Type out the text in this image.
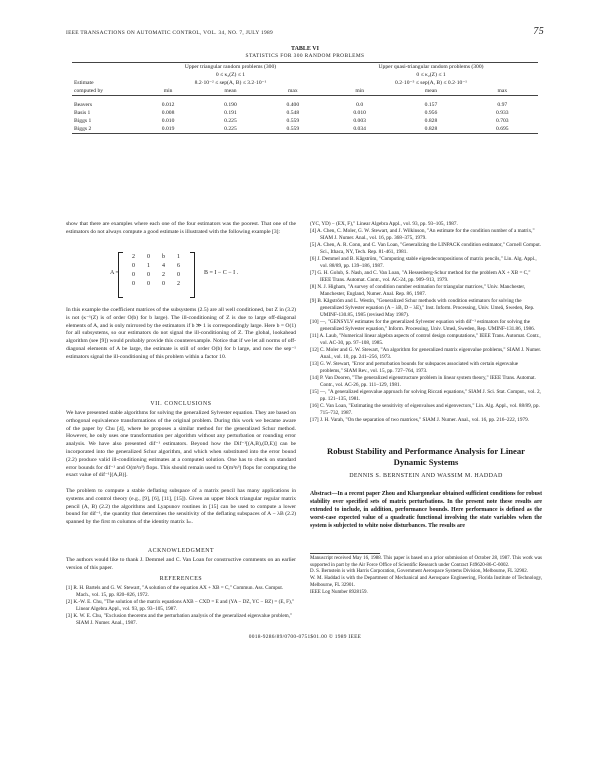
IEEE TRANSACTIONS ON AUTOMATIC CONTROL, VOL. 34, NO. 7, JULY 1989	75
TABLE VI
STATISTICS FOR 300 RANDOM PROBLEMS
	Upper triangular random problems (300)			Upper quasi-triangular random problems (300)		
	0 ≤ κ₂(Z) ≤ 1			0 ≤ κ₂(Z) ≤ 1		
Estimate	8.2·10⁻² ≤ sep(A, B) ≤ 3.2·10⁻¹			0.2·10⁻⁵ ≤ sep(A, B) ≤ 0.2·10⁻¹		
computed by	min	mean	max	min	mean	max

Beavers	0.012	0.190	0.400	0.0	0.157	0.97
Basis 1	0.008	0.191	0.548	0.010	0.956	0.933
Biggs 1	0.010	0.225	0.559	0.003	0.828	0.703
Biggs 2	0.019	0.225	0.559	0.034	0.828	0.695
show that there are examples where each one of the four estimators was the poorest. That one of the estimators do not always compute a good estimate is illustrated with the following example [3]:
A =
2	0	b	1
0	1	4	6
0	0	2	0
0	0	0	2
B = I − C − I .
In this example the coefficient matrices of the subsystems (2.5) are all well conditioned, but Z in (3.2) is not (κ⁻¹(Z) is of order O(b) for b large). The ill-conditioning of Z is due to large off-diagonal elements of A, and is only mirrored by the estimators if b ≫ 1 is correspondingly large. Here b = O(1) for all subsystems, so our estimators do not signal the ill-conditioning of Z. The global, lookahead algorithm (see [9]) would probably provide this counterexample. Notice that if we let all norms of off-diagonal elements of A be large, the estimate is still of order O(b) for b large, and now the sep⁻¹ estimators signal the ill-conditioning of this problem within a factor 10.
VII. CONCLUSIONS
We have presented stable algorithms for solving the generalized Sylvester equation. They are based on orthogonal equivalence transformations of the original problem. During this work we became aware of the paper by Chu [4], where he proposes a similar method for the generalized Schur method. However, he only uses one transformation per algorithm without any perturbation or rounding error analysis. We have also presented dif⁻¹ estimators. Beyond how the Dif⁻¹[(A,B),(D,E)] can be incorporated into the generalized Schur algorithm, and which when substituted into the error bound (2.2) produce valid ill-conditioning estimates at a computed solution. One has to check on standard error bounds for dif⁻¹ and O(m³n³) flops. This should remain used to O(m³n³) flops for computing the exact value of dif⁻¹[(A,B)].
The problem to compute a stable deflating subspace of a matrix pencil has many applications in systems and control theory (e.g., [9], [6], [11], [15]). Given an upper block triangular regular matrix pencil (A, B) (2.2) the algorithms and Lyapunov routines in [15] can be used to compute a lower bound for dif⁻¹, the quantity that determines the sensitivity of the deflating subspaces of A − λB (2.2) spanned by the first m columns of the identity matrix Iₘ.
ACKNOWLEDGMENT
The authors would like to thank J. Demmel and C. Van Loan for constructive comments on an earlier version of this paper.
REFERENCES

[1] R. H. Bartels and G. W. Stewart, "A solution of the equation AX + XB = C," Commun. Ass. Comput. Mach., vol. 15, pp. 820–826, 1972.

[2] K.-W. E. Chu, "The solution of the matrix equations AXB − CXD = E and (YA − DZ, YC − BZ) = (E, F)," Linear Algebra Appl., vol. 93, pp. 93–105, 1987.

[3] K. W. E. Chu, "Exclusion theorems and the perturbation analysis of the generalized eigenvalue problem," SIAM J. Numer. Anal., 1987.

(YC, YD) − (EX, F)," Linear Algebra Appl., vol. 93, pp. 93–105, 1987.

[4] A. Chen, C. Moler, G. W. Stewart, and J. Wilkinson, "An estimate for the condition number of a matrix," SIAM J. Numer. Anal., vol. 16, pp. 368–375, 1979.

[5] A. Chen, A. R. Conn, and C. Van Loan, "Generalizing the LINPACK condition estimator," Cornell Comput. Sci., Ithaca, NY, Tech. Rep. 81-461, 1981.

[6] J. Demmel and B. Kågström, "Computing stable eigendecompositions of matrix pencils," Lin. Alg. Appl., vol. 88/89, pp. 139–186, 1987.

[7] G. H. Golub, S. Nash, and C. Van Loan, "A Hessenberg-Schur method for the problem AX + XB = C," IEEE Trans. Automat. Contr., vol. AC-24, pp. 909–913, 1979.

[8] N. J. Higham, "A survey of condition number estimation for triangular matrices," Univ. Manchester, Manchester, England, Numer. Anal. Rep. 86, 1987.

[9] B. Kågström and L. Westin, "Generalized Schur methods with condition estimators for solving the generalized Sylvester equation (A − λB, D − λE)," Inst. Inform. Processing, Univ. Umeå, Sweden, Rep. UMINF-130.85, 1985 (revised May 1987).

[10] —, "GENSYLV estimates for the generalized Sylvester equation with dif⁻¹ estimators for solving the generalized Sylvester equation," Inform. Processing, Univ. Umeå, Sweden, Rep. UMINF-131.86, 1986.

[11] A. Laub, "Numerical linear algebra aspects of control design computations," IEEE Trans. Automat. Contr., vol. AC-30, pp. 97–108, 1985.

[12] C. Moler and G. W. Stewart, "An algorithm for generalized matrix eigenvalue problems," SIAM J. Numer. Anal., vol. 10, pp. 241–256, 1973.

[13] G. W. Stewart, "Error and perturbation bounds for subspaces associated with certain eigenvalue problems," SIAM Rev., vol. 15, pp. 727–764, 1973.

[14] P. Van Dooren, "The generalized eigenstructure problem in linear system theory," IEEE Trans. Automat. Contr., vol. AC-26, pp. 111–129, 1981.

[15] —, "A generalized eigenvalue approach for solving Riccati equations," SIAM J. Sci. Stat. Comput., vol. 2, pp. 121–135, 1981.

[16] C. Van Loan, "Estimating the sensitivity of eigenvalues and eigenvectors," Lin. Alg. Appl., vol. 88/89, pp. 715–732, 1987.

[17] J. H. Varah, "On the separation of two matrices," SIAM J. Numer. Anal., vol. 16, pp. 216–222, 1979.

Robust Stability and Performance Analysis for Linear Dynamic Systems
DENNIS S. BERNSTEIN AND WASSIM M. HADDAD
Abstract—In a recent paper Zhou and Khargonekar obtained sufficient conditions for robust stability over specified sets of matrix perturbations. In the present note these results are extended to include, in addition, performance bounds. Here performance is defined as the worst-case expected value of a quadratic functional involving the state variables when the system is subjected to white noise disturbances. The results are
Manuscript received May 16, 1988. This paper is based on a prior submission of October 28, 1987. This work was supported in part by the Air Force Office of Scientific Research under Contract F49620-86-C-0002.
D. S. Bernstein is with Harris Corporation, Government Aerospace Systems Division, Melbourne, FL 32902.
W. M. Haddad is with the Department of Mechanical and Aerospace Engineering, Florida Institute of Technology, Melbourne, FL 32901.
IEEE Log Number 8928159.
0018-9286/89/0700-0751$01.00 © 1989 IEEE
